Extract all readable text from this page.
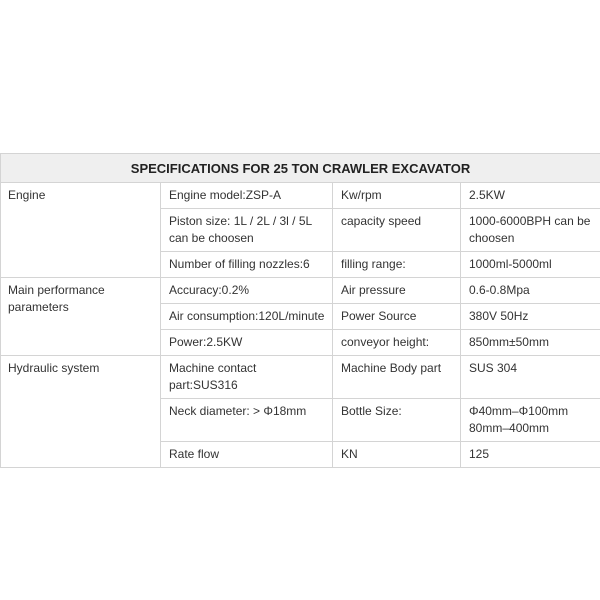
SPECIFICATIONS FOR 25 TON CRAWLER EXCAVATOR			
Engine	Engine model:ZSP-A	Kw/rpm	2.5KW
	Piston size: 1L / 2L / 3l / 5L can be choosen	capacity speed	1000-6000BPH can be choosen
	Number of filling nozzles:6	filling range:	1000ml-5000ml
Main performance parameters	Accuracy:0.2%	Air pressure	0.6-0.8Mpa
	Air consumption:120L/minute	Power Source	380V 50Hz
	Power:2.5KW	conveyor height:	850mm±50mm
Hydraulic system	Machine contact part:SUS316	Machine Body part	SUS 304
	Neck diameter: > Φ18mm	Bottle Size:	Φ40mm–Φ100mm 80mm–400mm
	Rate flow	KN	125
